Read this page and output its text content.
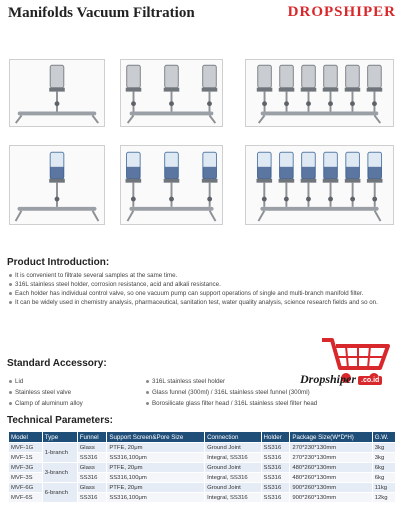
Manifolds Vacuum Filtration	DROPSHIPER
Product Introduction:
It is convenient to filtrate several samples at the same time.
316L stainless steel holder, corrosion resistance, acid and alkali resistance.
Each holder has individual control valve, so one vacuum pump can support operations of single and multi-branch manifold filter.
It can be widely used in chemistry analysis, pharmaceutical, sanitation test, water quality analysis, science research fields and so on.
Standard Accessory:
Lid
Stainless steel valve
Clamp of aluminum alloy
316L stainless steel holder
Glass funnel (300ml) / 316L stainless steel funnel (300ml)
Borosilicate glass filter head / 316L stainless steel filter head
Dropshiper .co.id
Technical Parameters:
Model	Type	Funnel	Support Screen&Pore Size	Connection	Holder	Package Size(W*D*H)	G.W.
MVF-1G	1-branch	Glass	PTFE, 20μm	Ground Joint	SS316	270*230*130mm	3kg
MVF-1S		SS316	SS316,100μm	Integral, SS316	SS316	270*230*130mm	3kg
MVF-3G	3-branch	Glass	PTFE, 20μm	Ground Joint	SS316	480*260*130mm	6kg
MVF-3S		SS316	SS316,100μm	Integral, SS316	SS316	480*260*130mm	6kg
MVF-6G	6-branch	Glass	PTFE, 20μm	Ground Joint	SS316	900*260*130mm	11kg
MVF-6S		SS316	SS316,100μm	Integral, SS316	SS316	900*260*130mm	12kg
